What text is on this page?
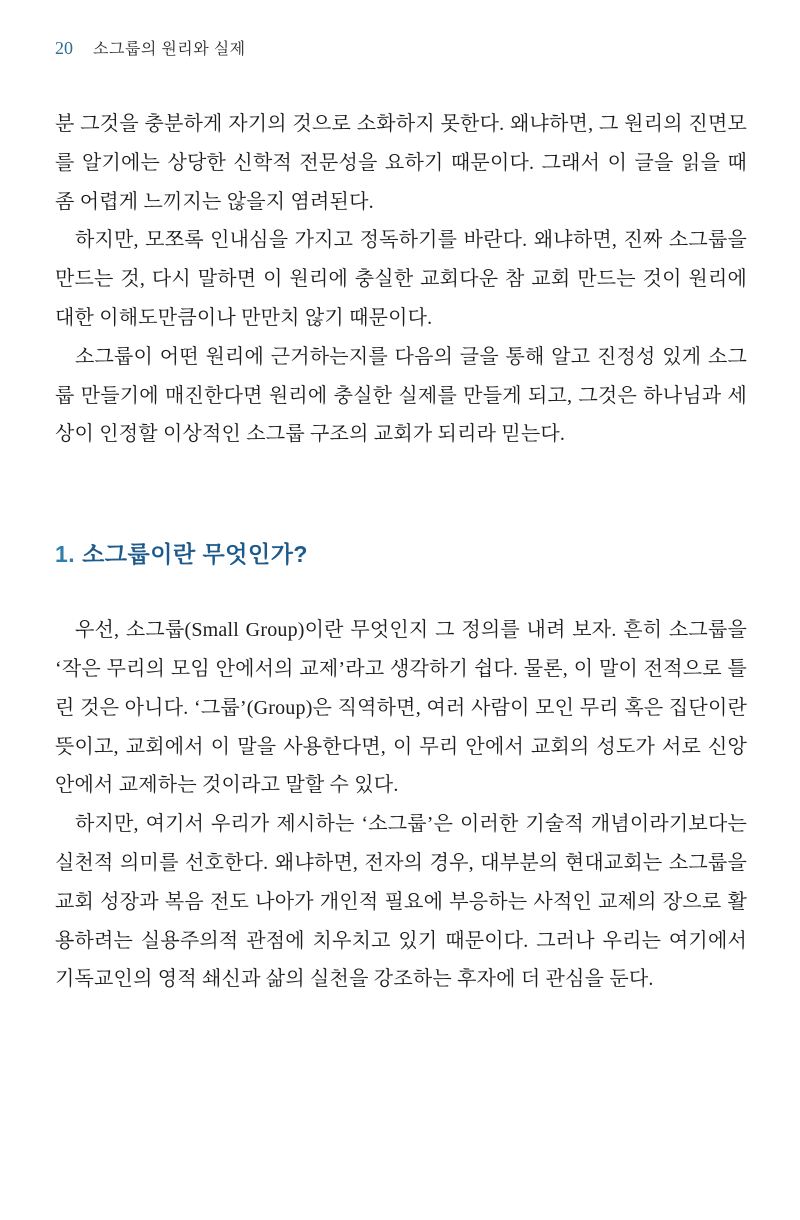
20 소그룹의 원리와 실제

분 그것을 충분하게 자기의 것으로 소화하지 못한다. 왜냐하면, 그 원리의 진면모를 알기에는 상당한 신학적 전문성을 요하기 때문이다. 그래서 이 글을 읽을 때 좀 어렵게 느끼지는 않을지 염려된다.

하지만, 모쪼록 인내심을 가지고 정독하기를 바란다. 왜냐하면, 진짜 소그룹을 만드는 것, 다시 말하면 이 원리에 충실한 교회다운 참 교회 만드는 것이 원리에 대한 이해도만큼이나 만만치 않기 때문이다.

소그룹이 어떤 원리에 근거하는지를 다음의 글을 통해 알고 진정성 있게 소그룹 만들기에 매진한다면 원리에 충실한 실제를 만들게 되고, 그것은 하나님과 세상이 인정할 이상적인 소그룹 구조의 교회가 되리라 믿는다.

1. 소그룹이란 무엇인가?

우선, 소그룹(Small Group)이란 무엇인지 그 정의를 내려 보자. 흔히 소그룹을 ‘작은 무리의 모임 안에서의 교제’라고 생각하기 쉽다. 물론, 이 말이 전적으로 틀린 것은 아니다. ‘그룹’(Group)은 직역하면, 여러 사람이 모인 무리 혹은 집단이란 뜻이고, 교회에서 이 말을 사용한다면, 이 무리 안에서 교회의 성도가 서로 신앙 안에서 교제하는 것이라고 말할 수 있다.

하지만, 여기서 우리가 제시하는 ‘소그룹’은 이러한 기술적 개념이라기보다는 실천적 의미를 선호한다. 왜냐하면, 전자의 경우, 대부분의 현대교회는 소그룹을 교회 성장과 복음 전도 나아가 개인적 필요에 부응하는 사적인 교제의 장으로 활용하려는 실용주의적 관점에 치우치고 있기 때문이다. 그러나 우리는 여기에서 기독교인의 영적 쇄신과 삶의 실천을 강조하는 후자에 더 관심을 둔다.
